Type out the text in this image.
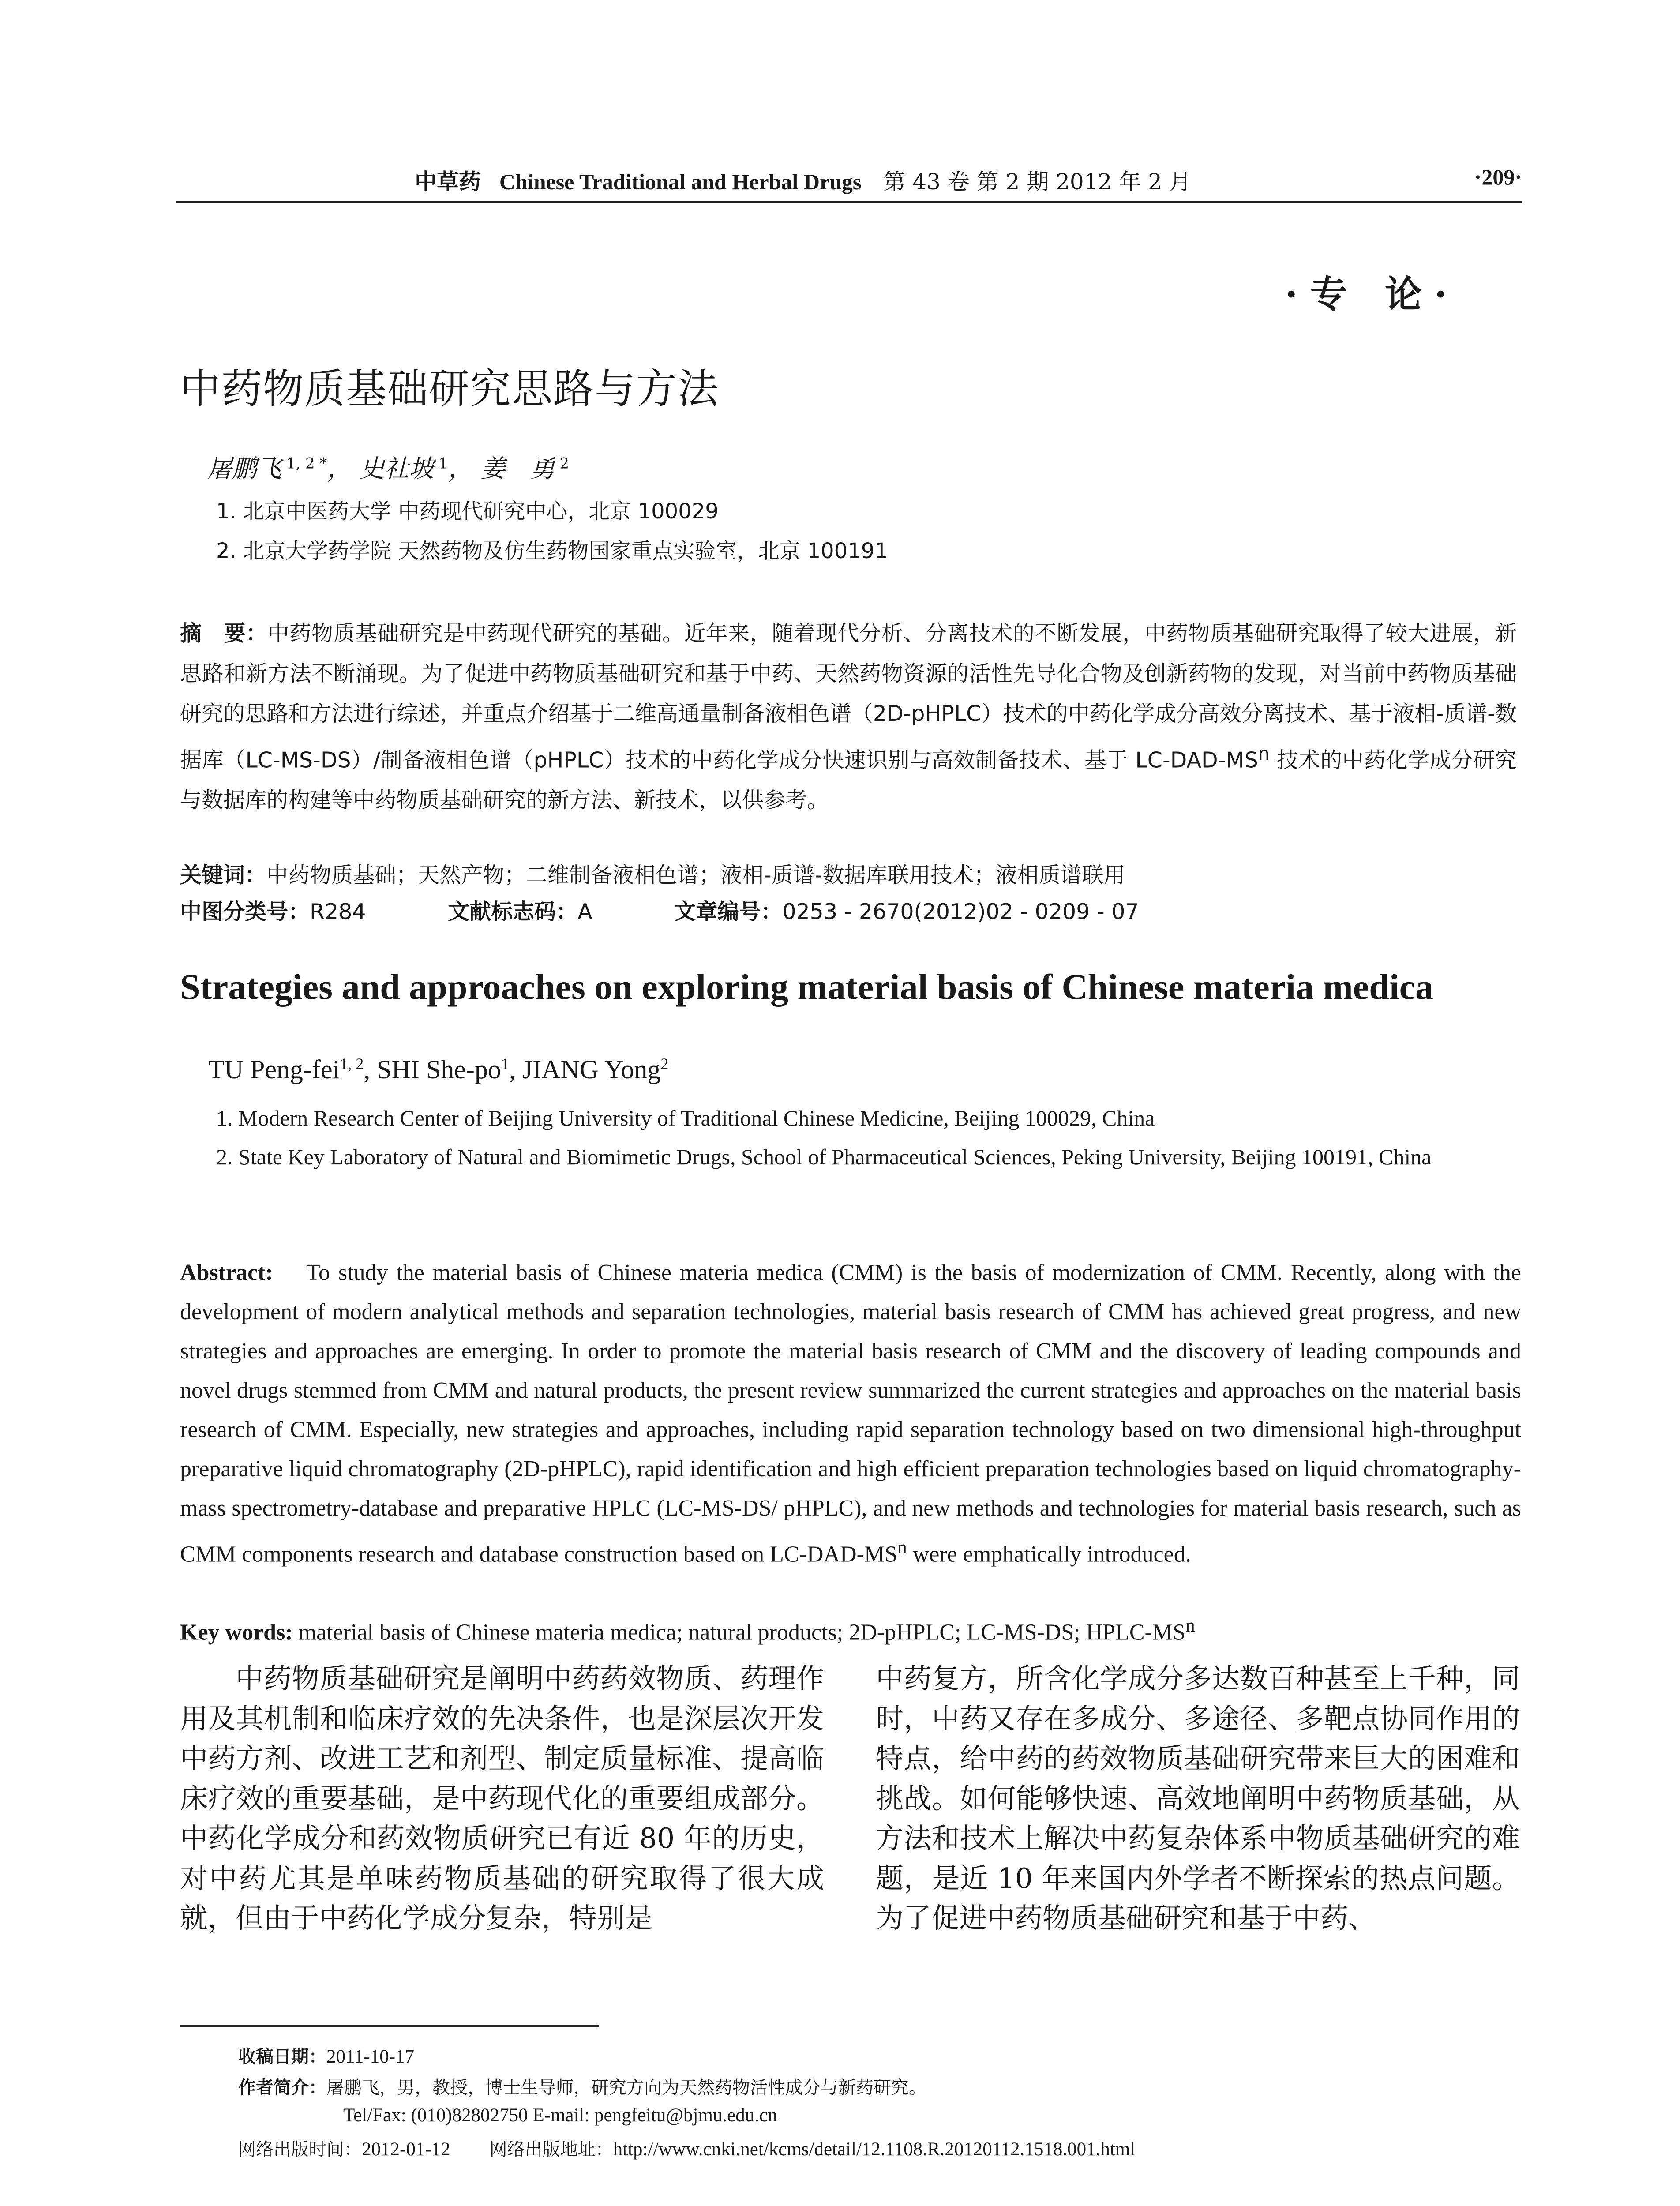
中草药 Chinese Traditional and Herbal Drugs 第 43 卷 第 2 期 2012 年 2 月	·209·
·专 论·
中药物质基础研究思路与方法
屠鹏飞 $^{1, 2 *}$， 史社坡 $^1$， 姜　勇 $^2$
1. 北京中医药大学 中药现代研究中心，北京 100029
2. 北京大学药学院 天然药物及仿生药物国家重点实验室，北京 100191
摘　要：中药物质基础研究是中药现代研究的基础。近年来，随着现代分析、分离技术的不断发展，中药物质基础研究取得了较大进展，新思路和新方法不断涌现。为了促进中药物质基础研究和基于中药、天然药物资源的活性先导化合物及创新药物的发现，对当前中药物质基础研究的思路和方法进行综述，并重点介绍基于二维高通量制备液相色谱（2D-pHPLC）技术的中药化学成分高效分离技术、基于液相-质谱-数据库（LC-MS-DS）/制备液相色谱（pHPLC）技术的中药化学成分快速识别与高效制备技术、基于 $LC-DAD-MS^n$ 技术的中药化学成分研究与数据库的构建等中药物质基础研究的新方法、新技术，以供参考。
关键词：中药物质基础；天然产物；二维制备液相色谱；液相-质谱-数据库联用技术；液相质谱联用
中图分类号：R284	文献标志码：A	文章编号：0253 - 2670(2012)02 - 0209 - 07
Strategies and approaches on exploring material basis of Chinese materia medica
TU Peng-fei$^{1, 2}$, SHI She-$po^1$, JIANG Yong$^2$
1. Modern Research Center of Beijing University of Traditional Chinese Medicine, Beijing 100029, China
2. State Key Laboratory of Natural and Biomimetic Drugs, School of Pharmaceutical Sciences, Peking University, Beijing 100191, China
Abstract: To study the material basis of Chinese materia medica (CMM) is the basis of modernization of CMM. Recently, along with the development of modern analytical methods and separation technologies, material basis research of CMM has achieved great progress, and new strategies and approaches are emerging. In order to promote the material basis research of CMM and the discovery of leading compounds and novel drugs stemmed from CMM and natural products, the present review summarized the current strategies and approaches on the material basis research of CMM. Especially, new strategies and approaches, including rapid separation technology based on two dimensional high-throughput preparative liquid chromatography (2D-pHPLC), rapid identification and high efficient preparation technologies based on liquid chromatography-mass spectrometry-database and preparative HPLC (LC-MS-DS/ pHPLC), and new methods and technologies for material basis research, such as CMM components research and database construction based on $LC-DAD-MS^n$ were emphatically introduced.
Key words: material basis of Chinese materia medica; natural products; 2D-pHPLC; LC-MS-DS; HPLC-$MS^n$

中药物质基础研究是阐明中药药效物质、药理作用及其机制和临床疗效的先决条件，也是深层次开发中药方剂、改进工艺和剂型、制定质量标准、提高临床疗效的重要基础，是中药现代化的重要组成部分。中药化学成分和药效物质研究已有近 80 年的历史，对中药尤其是单味药物质基础的研究取得了很大成就，但由于中药化学成分复杂，特别是

中药复方，所含化学成分多达数百种甚至上千种，同时，中药又存在多成分、多途径、多靶点协同作用的特点，给中药的药效物质基础研究带来巨大的困难和挑战。如何能够快速、高效地阐明中药物质基础，从方法和技术上解决中药复杂体系中物质基础研究的难题，是近 10 年来国内外学者不断探索的热点问题。为了促进中药物质基础研究和基于中药、

收稿日期：2011-10-17
作者简介：屠鹏飞，男，教授，博士生导师，研究方向为天然药物活性成分与新药研究。
Tel/Fax: (010)82802750 E-mail: pengfeitu@bjmu.edu.cn
网络出版时间：2012-01-12 网络出版地址：http://www.cnki.net/kcms/detail/12.1108.R.20120112.1518.001.html
